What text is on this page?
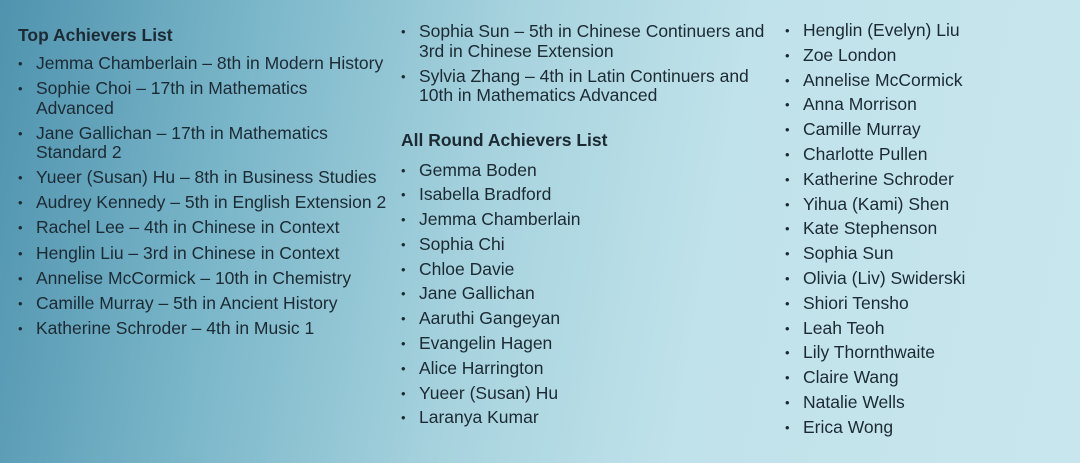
Top Achievers List
• Jemma Chamberlain – 8th in Modern History
• Sophie Choi – 17th in Mathematics Advanced
• Jane Gallichan – 17th in Mathematics Standard 2
• Yueer (Susan) Hu – 8th in Business Studies
• Audrey Kennedy – 5th in English Extension 2
• Rachel Lee – 4th in Chinese in Context
• Henglin Liu – 3rd in Chinese in Context
• Annelise McCormick – 10th in Chemistry
• Camille Murray – 5th in Ancient History
• Katherine Schroder – 4th in Music 1
• Sophia Sun – 5th in Chinese Continuers and 3rd in Chinese Extension
• Sylvia Zhang – 4th in Latin Continuers and 10th in Mathematics Advanced
All Round Achievers List
• Gemma Boden
• Isabella Bradford
• Jemma Chamberlain
• Sophia Chi
• Chloe Davie
• Jane Gallichan
• Aaruthi Gangeyan
• Evangelin Hagen
• Alice Harrington
• Yueer (Susan) Hu
• Laranya Kumar
• Henglin (Evelyn) Liu
• Zoe London
• Annelise McCormick
• Anna Morrison
• Camille Murray
• Charlotte Pullen
• Katherine Schroder
• Yihua (Kami) Shen
• Kate Stephenson
• Sophia Sun
• Olivia (Liv) Swiderski
• Shiori Tensho
• Leah Teoh
• Lily Thornthwaite
• Claire Wang
• Natalie Wells
• Erica Wong
